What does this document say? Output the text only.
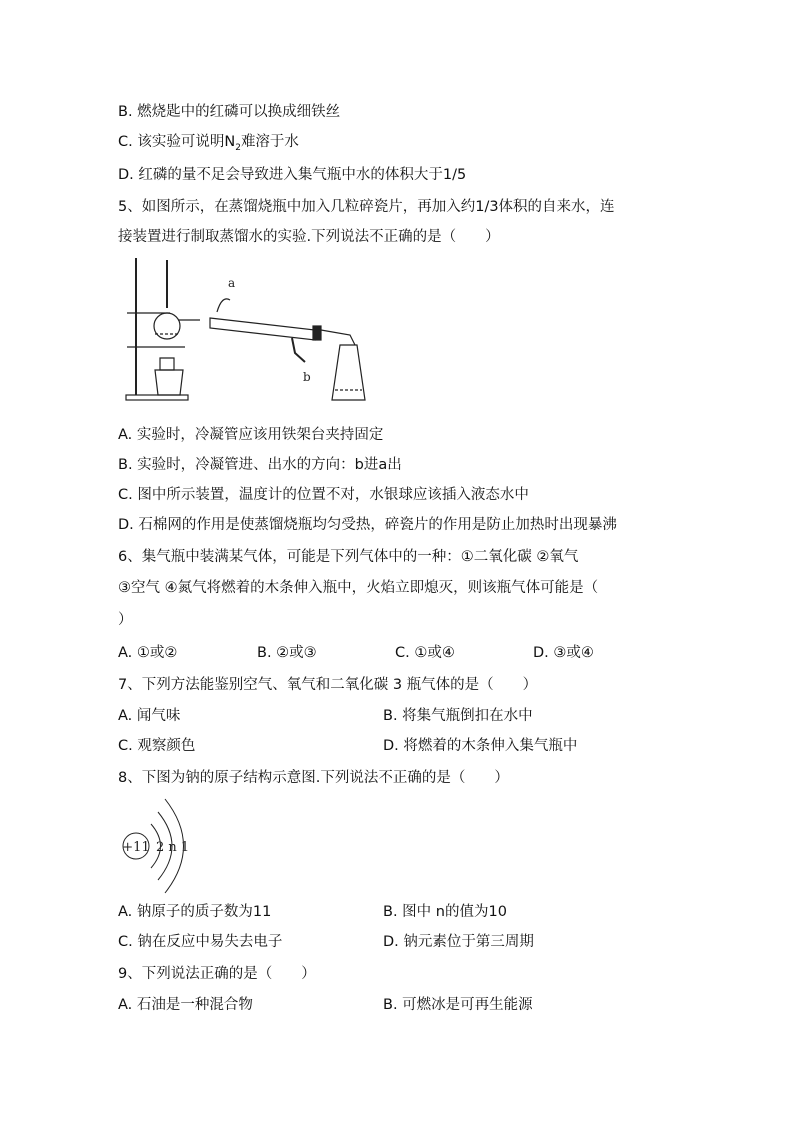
B. 燃烧匙中的红磷可以换成细铁丝
C. 该实验可说明$N_2$难溶于水
D. 红磷的量不足会导致进入集气瓶中水的体积大于1/5
5、如图所示，在蒸馏烧瓶中加入几粒碎瓷片，再加入约1/3体积的自来水，连
接装置进行制取蒸馏水的实验.下列说法不正确的是（　　）
a
b
A. 实验时，冷凝管应该用铁架台夹持固定
B. 实验时，冷凝管进、出水的方向：b进a出
C. 图中所示装置，温度计的位置不对，水银球应该插入液态水中
D. 石棉网的作用是使蒸馏烧瓶均匀受热，碎瓷片的作用是防止加热时出现暴沸
6、集气瓶中装满某气体，可能是下列气体中的一种：①二氧化碳 ②氧气
③空气 ④氮气将燃着的木条伸入瓶中，火焰立即熄灭，则该瓶气体可能是（
）
A. ①或②	B. ②或③	C. ①或④	D. ③或④
7、下列方法能鉴别空气、氧气和二氧化碳 3 瓶气体的是（　　）
A. 闻气味	B. 将集气瓶倒扣在水中
C. 观察颜色	D. 将燃着的木条伸入集气瓶中
8、下图为钠的原子结构示意图.下列说法不正确的是（　　）
+11 2 n 1
A. 钠原子的质子数为11	B. 图中 n的值为10
C. 钠在反应中易失去电子	D. 钠元素位于第三周期
9、下列说法正确的是（　　）
A. 石油是一种混合物	B. 可燃冰是可再生能源
